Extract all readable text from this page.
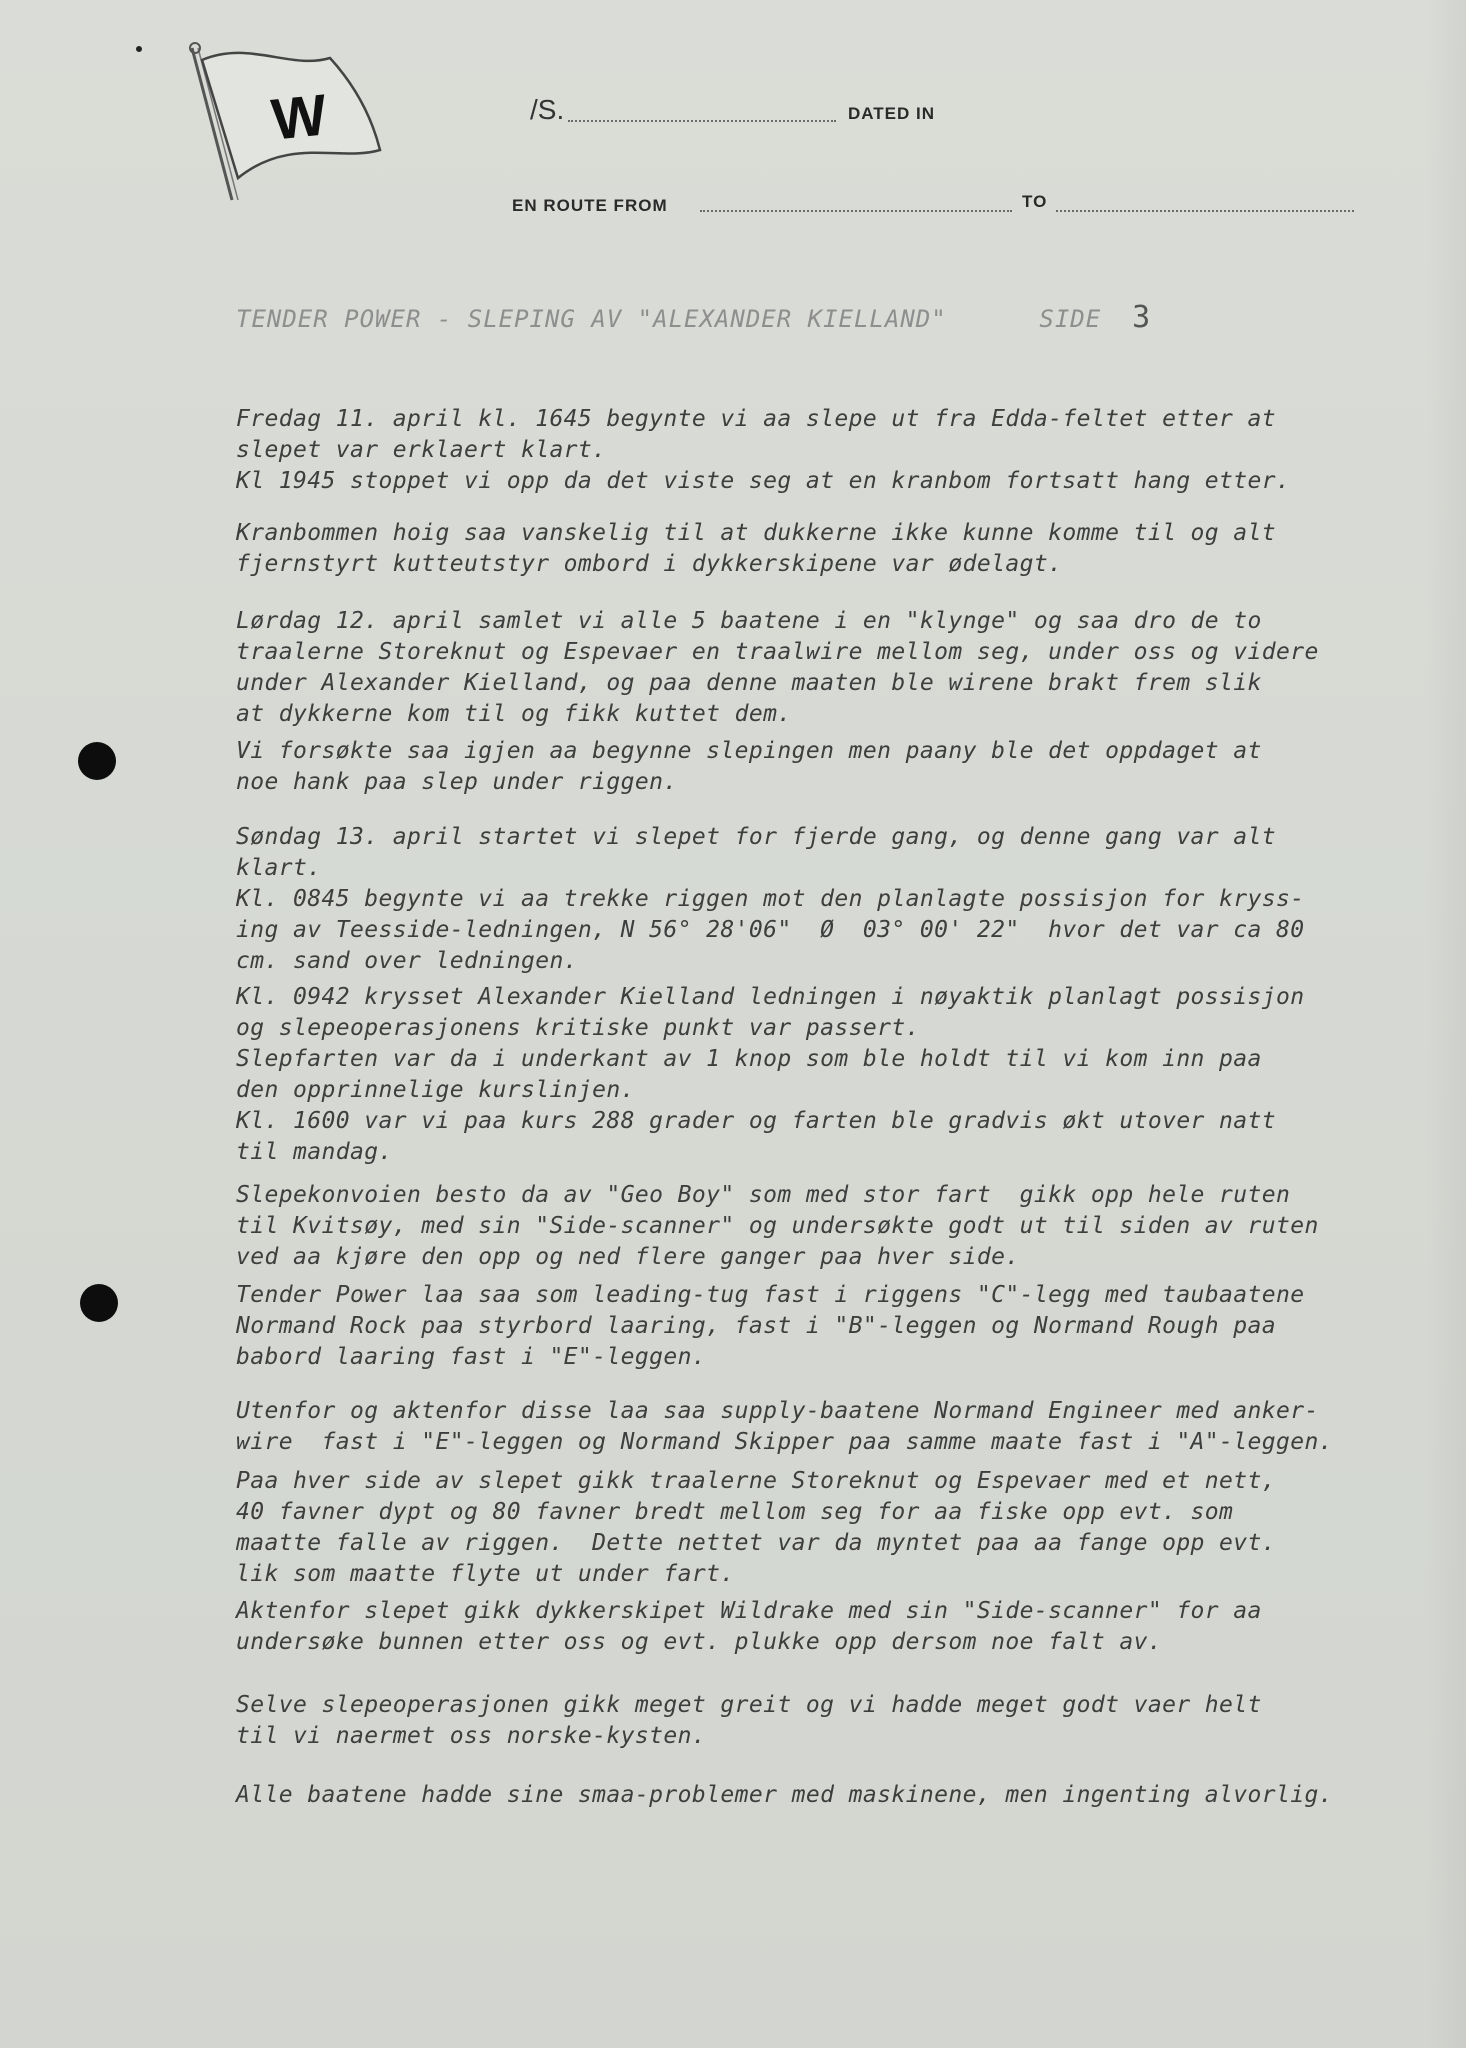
W	/S.	DATED IN
EN ROUTE FROM	TO
TENDER POWER - SLEPING AV "ALEXANDER KIELLAND"	SIDE 3
Fredag 11. april kl. 1645 begynte vi aa slepe ut fra Edda-feltet etter at
slepet var erklaert klart.
Kl 1945 stoppet vi opp da det viste seg at en kranbom fortsatt hang etter.
Kranbommen hoig saa vanskelig til at dukkerne ikke kunne komme til og alt
fjernstyrt kutteutstyr ombord i dykkerskipene var ødelagt.
Lørdag 12. april samlet vi alle 5 baatene i en "klynge" og saa dro de to
traalerne Storeknut og Espevaer en traalwire mellom seg, under oss og videre
under Alexander Kielland, og paa denne maaten ble wirene brakt frem slik
at dykkerne kom til og fikk kuttet dem.
Vi forsøkte saa igjen aa begynne slepingen men paany ble det oppdaget at
noe hank paa slep under riggen.
Søndag 13. april startet vi slepet for fjerde gang, og denne gang var alt
klart.
Kl. 0845 begynte vi aa trekke riggen mot den planlagte possisjon for kryss-
ing av Teesside-ledningen, N 56° 28'06"  Ø  03° 00' 22"  hvor det var ca 80
cm. sand over ledningen.
Kl. 0942 krysset Alexander Kielland ledningen i nøyaktik planlagt possisjon
og slepeoperasjonens kritiske punkt var passert.
Slepfarten var da i underkant av 1 knop som ble holdt til vi kom inn paa
den opprinnelige kurslinjen.
Kl. 1600 var vi paa kurs 288 grader og farten ble gradvis økt utover natt
til mandag.
Slepekonvoien besto da av "Geo Boy" som med stor fart  gikk opp hele ruten
til Kvitsøy, med sin "Side-scanner" og undersøkte godt ut til siden av ruten
ved aa kjøre den opp og ned flere ganger paa hver side.
Tender Power laa saa som leading-tug fast i riggens "C"-legg med taubaatene
Normand Rock paa styrbord laaring, fast i "B"-leggen og Normand Rough paa
babord laaring fast i "E"-leggen.
Utenfor og aktenfor disse laa saa supply-baatene Normand Engineer med anker-
wire  fast i "E"-leggen og Normand Skipper paa samme maate fast i "A"-leggen.
Paa hver side av slepet gikk traalerne Storeknut og Espevaer med et nett,
40 favner dypt og 80 favner bredt mellom seg for aa fiske opp evt. som
maatte falle av riggen.  Dette nettet var da myntet paa aa fange opp evt.
lik som maatte flyte ut under fart.
Aktenfor slepet gikk dykkerskipet Wildrake med sin "Side-scanner" for aa
undersøke bunnen etter oss og evt. plukke opp dersom noe falt av.
Selve slepeoperasjonen gikk meget greit og vi hadde meget godt vaer helt
til vi naermet oss norske-kysten.
Alle baatene hadde sine smaa-problemer med maskinene, men ingenting alvorlig.
